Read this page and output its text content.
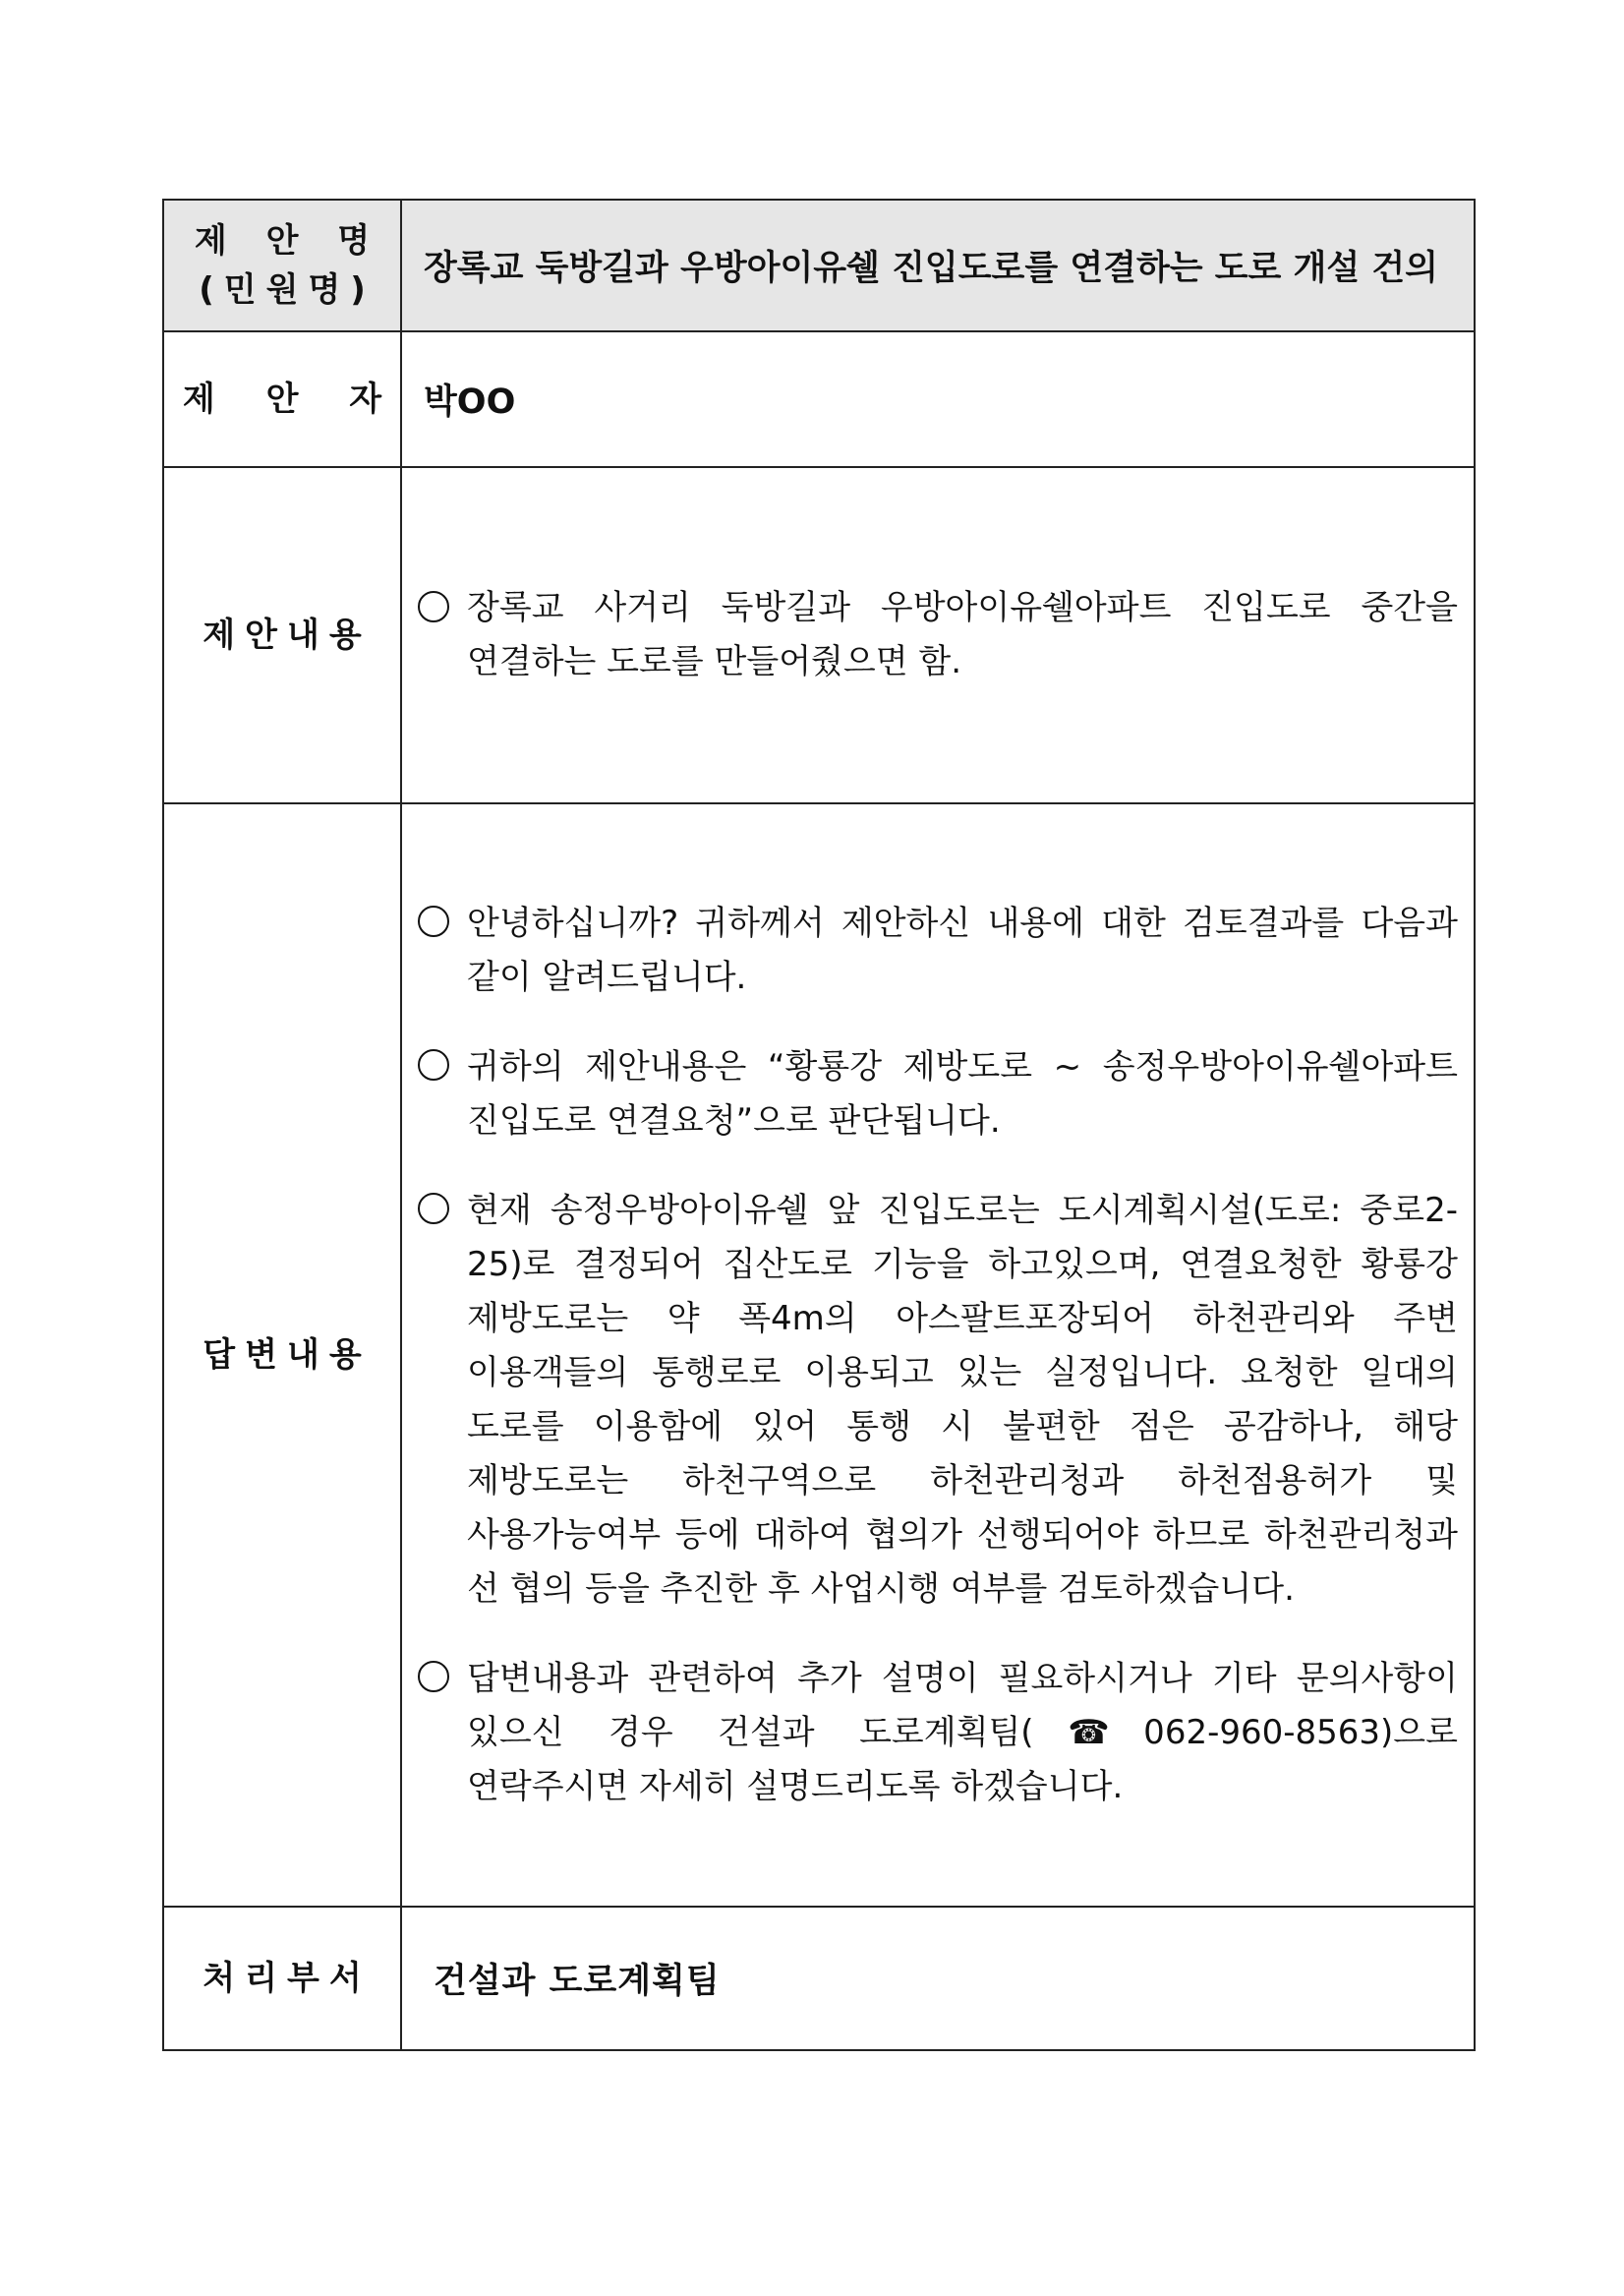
제 안 명
(민원명)	장록교 둑방길과 우방아이유쉘 진입도로를 연결하는 도로 개설 건의
제 안 자	박OO
제안내용	장록교 사거리 둑방길과 우방아이유쉘아파트 진입도로 중간을 연결하는 도로를 만들어줬으면 함.

답변내용	안녕하십니까? 귀하께서 제안하신 내용에 대한 검토결과를 다음과 같이 알려드립니다.
귀하의 제안내용은 “황룡강 제방도로 ~ 송정우방아이유쉘아파트 진입도로 연결요청”으로 판단됩니다.
현재 송정우방아이유쉘 앞 진입도로는 도시계획시설(도로: 중로2-25)로 결정되어 집산도로 기능을 하고있으며, 연결요청한 황룡강 제방도로는 약 폭4m의 아스팔트포장되어 하천관리와 주변 이용객들의 통행로로 이용되고 있는 실정입니다. 요청한 일대의 도로를 이용함에 있어 통행 시 불편한 점은 공감하나, 해당 제방도로는 하천구역으로 하천관리청과 하천점용허가 및 사용가능여부 등에 대하여 협의가 선행되어야 하므로 하천관리청과 선 협의 등을 추진한 후 사업시행 여부를 검토하겠습니다.
답변내용과 관련하여 추가 설명이 필요하시거나 기타 문의사항이 있으신 경우 건설과 도로계획팀(☎062-960-8563)으로 연락주시면 자세히 설명드리도록 하겠습니다.

처리부서	건설과 도로계획팀
